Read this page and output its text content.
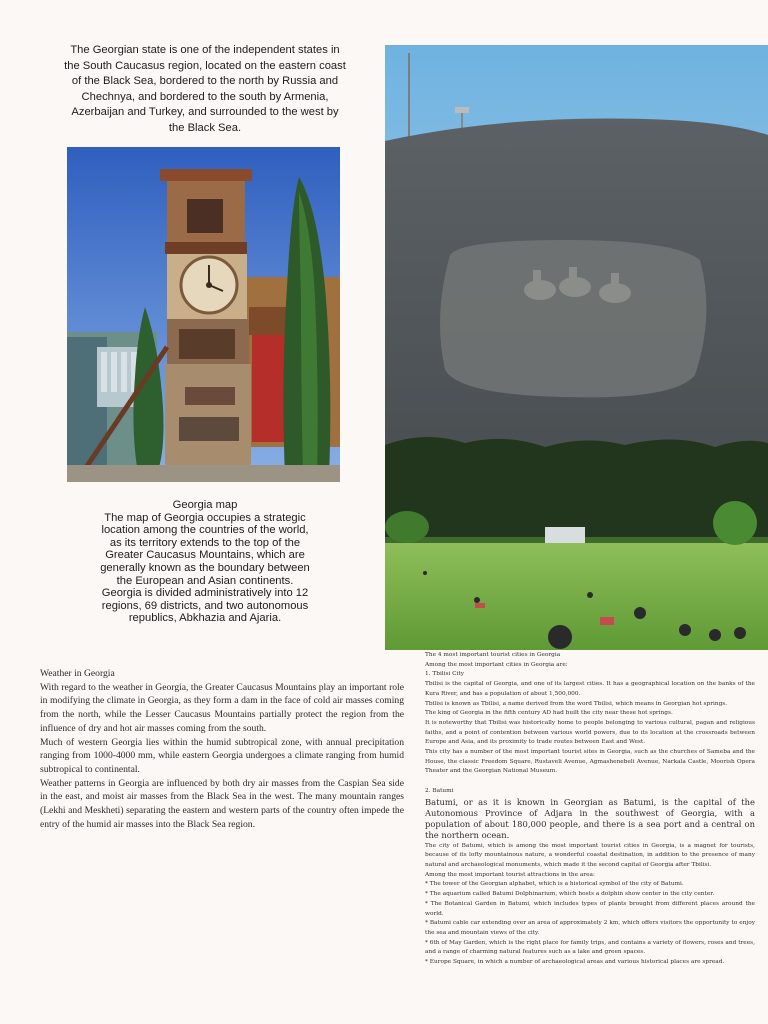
The Georgian state is one of the independent states in the South Caucasus region, located on the eastern coast of the Black Sea, bordered to the north by Russia and Chechnya, and bordered to the south by Armenia, Azerbaijan and Turkey, and surrounded to the west by the Black Sea.
Georgia map
The map of Georgia occupies a strategic location among the countries of the world, as its territory extends to the top of the Greater Caucasus Mountains, which are generally known as the boundary between the European and Asian continents. Georgia is divided administratively into 12 regions, 69 districts, and two autonomous republics, Abkhazia and Ajaria.

Weather in Georgia

With regard to the weather in Georgia, the Greater Caucasus Mountains play an important role in modifying the climate in Georgia, as they form a dam in the face of cold air masses coming from the north, while the Lesser Caucasus Mountains partially protect the region from the influence of dry and hot air masses coming from the south.

Much of western Georgia lies within the humid subtropical zone, with annual precipitation ranging from 1000-4000 mm, while eastern Georgia undergoes a climate ranging from humid subtropical to continental.

Weather patterns in Georgia are influenced by both dry air masses from the Caspian Sea side in the east, and moist air masses from the Black Sea in the west. The many mountain ranges (Lekhi and Meskheti) separating the eastern and western parts of the country often impede the entry of the humid air masses into the Black Sea region.

The 4 most important tourist cities in Georgia

Among the most important cities in Georgia are:

1. Tbilisi City

Tbilisi is the capital of Georgia, and one of its largest cities. It has a geographical location on the banks of the Kura River, and has a population of about 1,500,000.

Tbilisi is known as Tbilisi, a name derived from the word Tbilisi, which means in Georgian hot springs.

The king of Georgia in the fifth century AD had built the city near these hot springs.

It is noteworthy that Tbilisi was historically home to people belonging to various cultural, pagan and religious faiths, and a point of contention between various world powers, due to its location at the crossroads between Europe and Asia, and its proximity to trade routes between East and West.

This city has a number of the most important tourist sites in Georgia, such as the churches of Sameba and the House, the classic Freedom Square, Rustaveli Avenue, Agmashenebeli Avenue, Narkala Castle, Moorish Opera Theater and the Georgian National Museum.

2. Batumi

Batumi, or as it is known in Georgian as Batumi, is the capital of the Autonomous Province of Adjara in the southwest of Georgia, with a population of about 180,000 people, and there is a sea port and a central on the northern ocean.

The city of Batumi, which is among the most important tourist cities in Georgia, is a magnet for tourists, because of its lofty mountainous nature, a wonderful coastal destination, in addition to the presence of many natural and archaeological monuments, which made it the second capital of Georgia after Tbilisi.

Among the most important tourist attractions in the area:

* The tower of the Georgian alphabet, which is a historical symbol of the city of Batumi.

* The aquarium called Batumi Dolphinarium, which hosts a dolphin show center in the city center.

* The Botanical Garden in Batumi, which includes types of plants brought from different places around the world.

* Batumi cable car extending over an area of approximately 2 km, which offers visitors the opportunity to enjoy the sea and mountain views of the city.

* 6th of May Garden, which is the right place for family trips, and contains a variety of flowers, roses and trees, and a range of charming natural features such as a lake and green spaces.

* Europe Square, in which a number of archaeological areas and various historical places are spread.
